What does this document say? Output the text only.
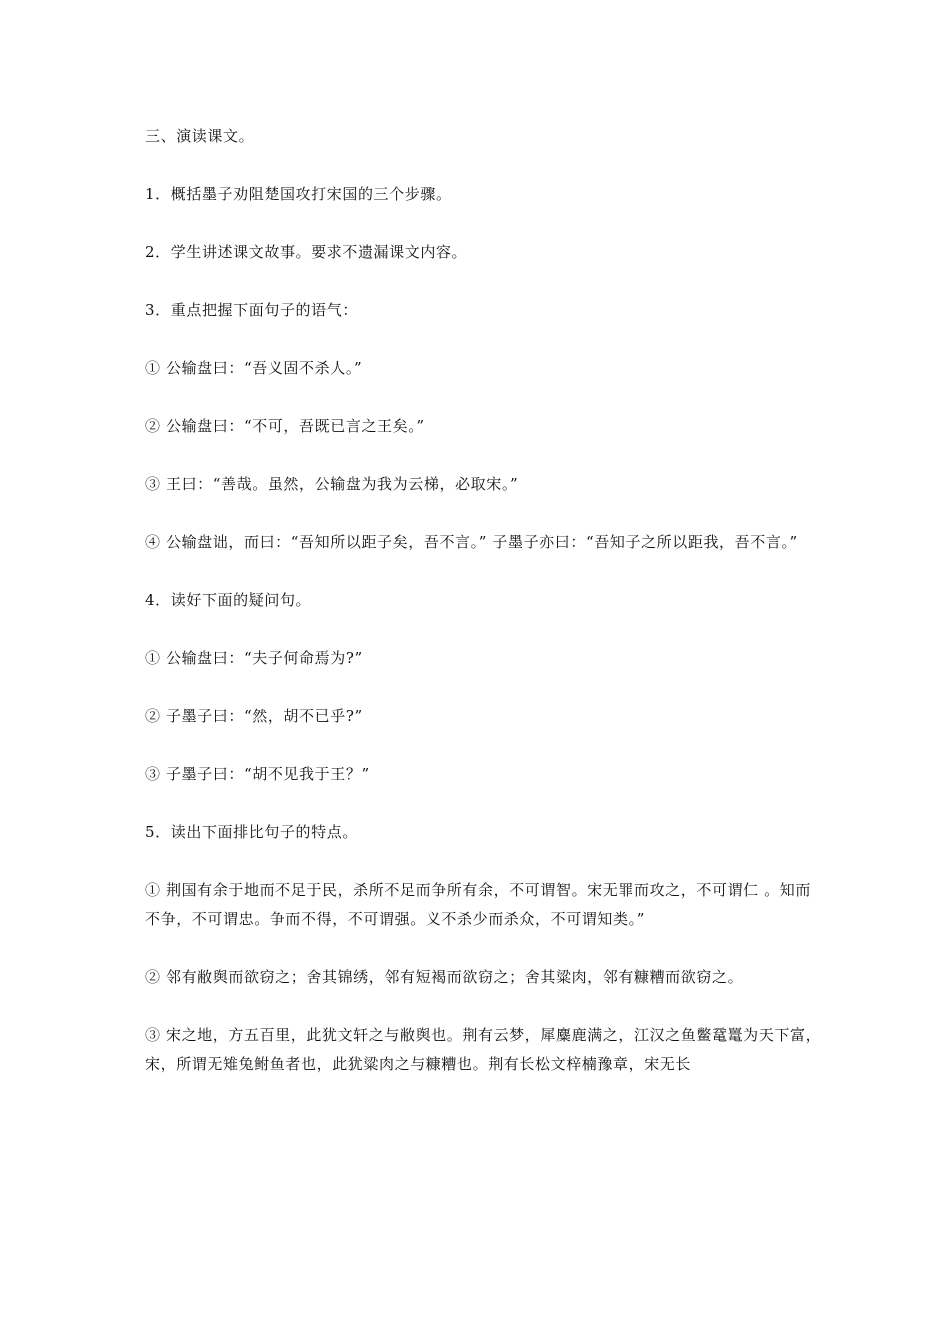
三、演读课文。

1．概括墨子劝阻楚国攻打宋国的三个步骤。

2．学生讲述课文故事。要求不遗漏课文内容。

3．重点把握下面句子的语气：

① 公输盘曰：“吾义固不杀人。”

② 公输盘曰：“不可，吾既已言之王矣。”

③ 王曰：“善哉。虽然，公输盘为我为云梯，必取宋。”

④ 公输盘诎，而曰：“吾知所以距子矣，吾不言。” 子墨子亦曰：“吾知子之所以距我，吾不言。”

4．读好下面的疑问句。

① 公输盘曰：“夫子何命焉为?”

② 子墨子曰：“然，胡不已乎?”

③ 子墨子曰：“胡不见我于王？”

5．读出下面排比句子的特点。

① 荆国有余于地而不足于民，杀所不足而争所有余，不可谓智。宋无罪而攻之，不可谓仁 。知而不争，不可谓忠。争而不得，不可谓强。义不杀少而杀众，不可谓知类。”

② 邻有敝舆而欲窃之；舍其锦绣，邻有短褐而欲窃之；舍其粱肉，邻有糠糟而欲窃之。

③ 宋之地，方五百里，此犹文轩之与敝舆也。荆有云梦，犀麋鹿满之，江汉之鱼鳖鼋鼍为天下富，宋，所谓无雉兔鲋鱼者也，此犹粱肉之与糠糟也。荆有长松文梓楠豫章，宋无长
